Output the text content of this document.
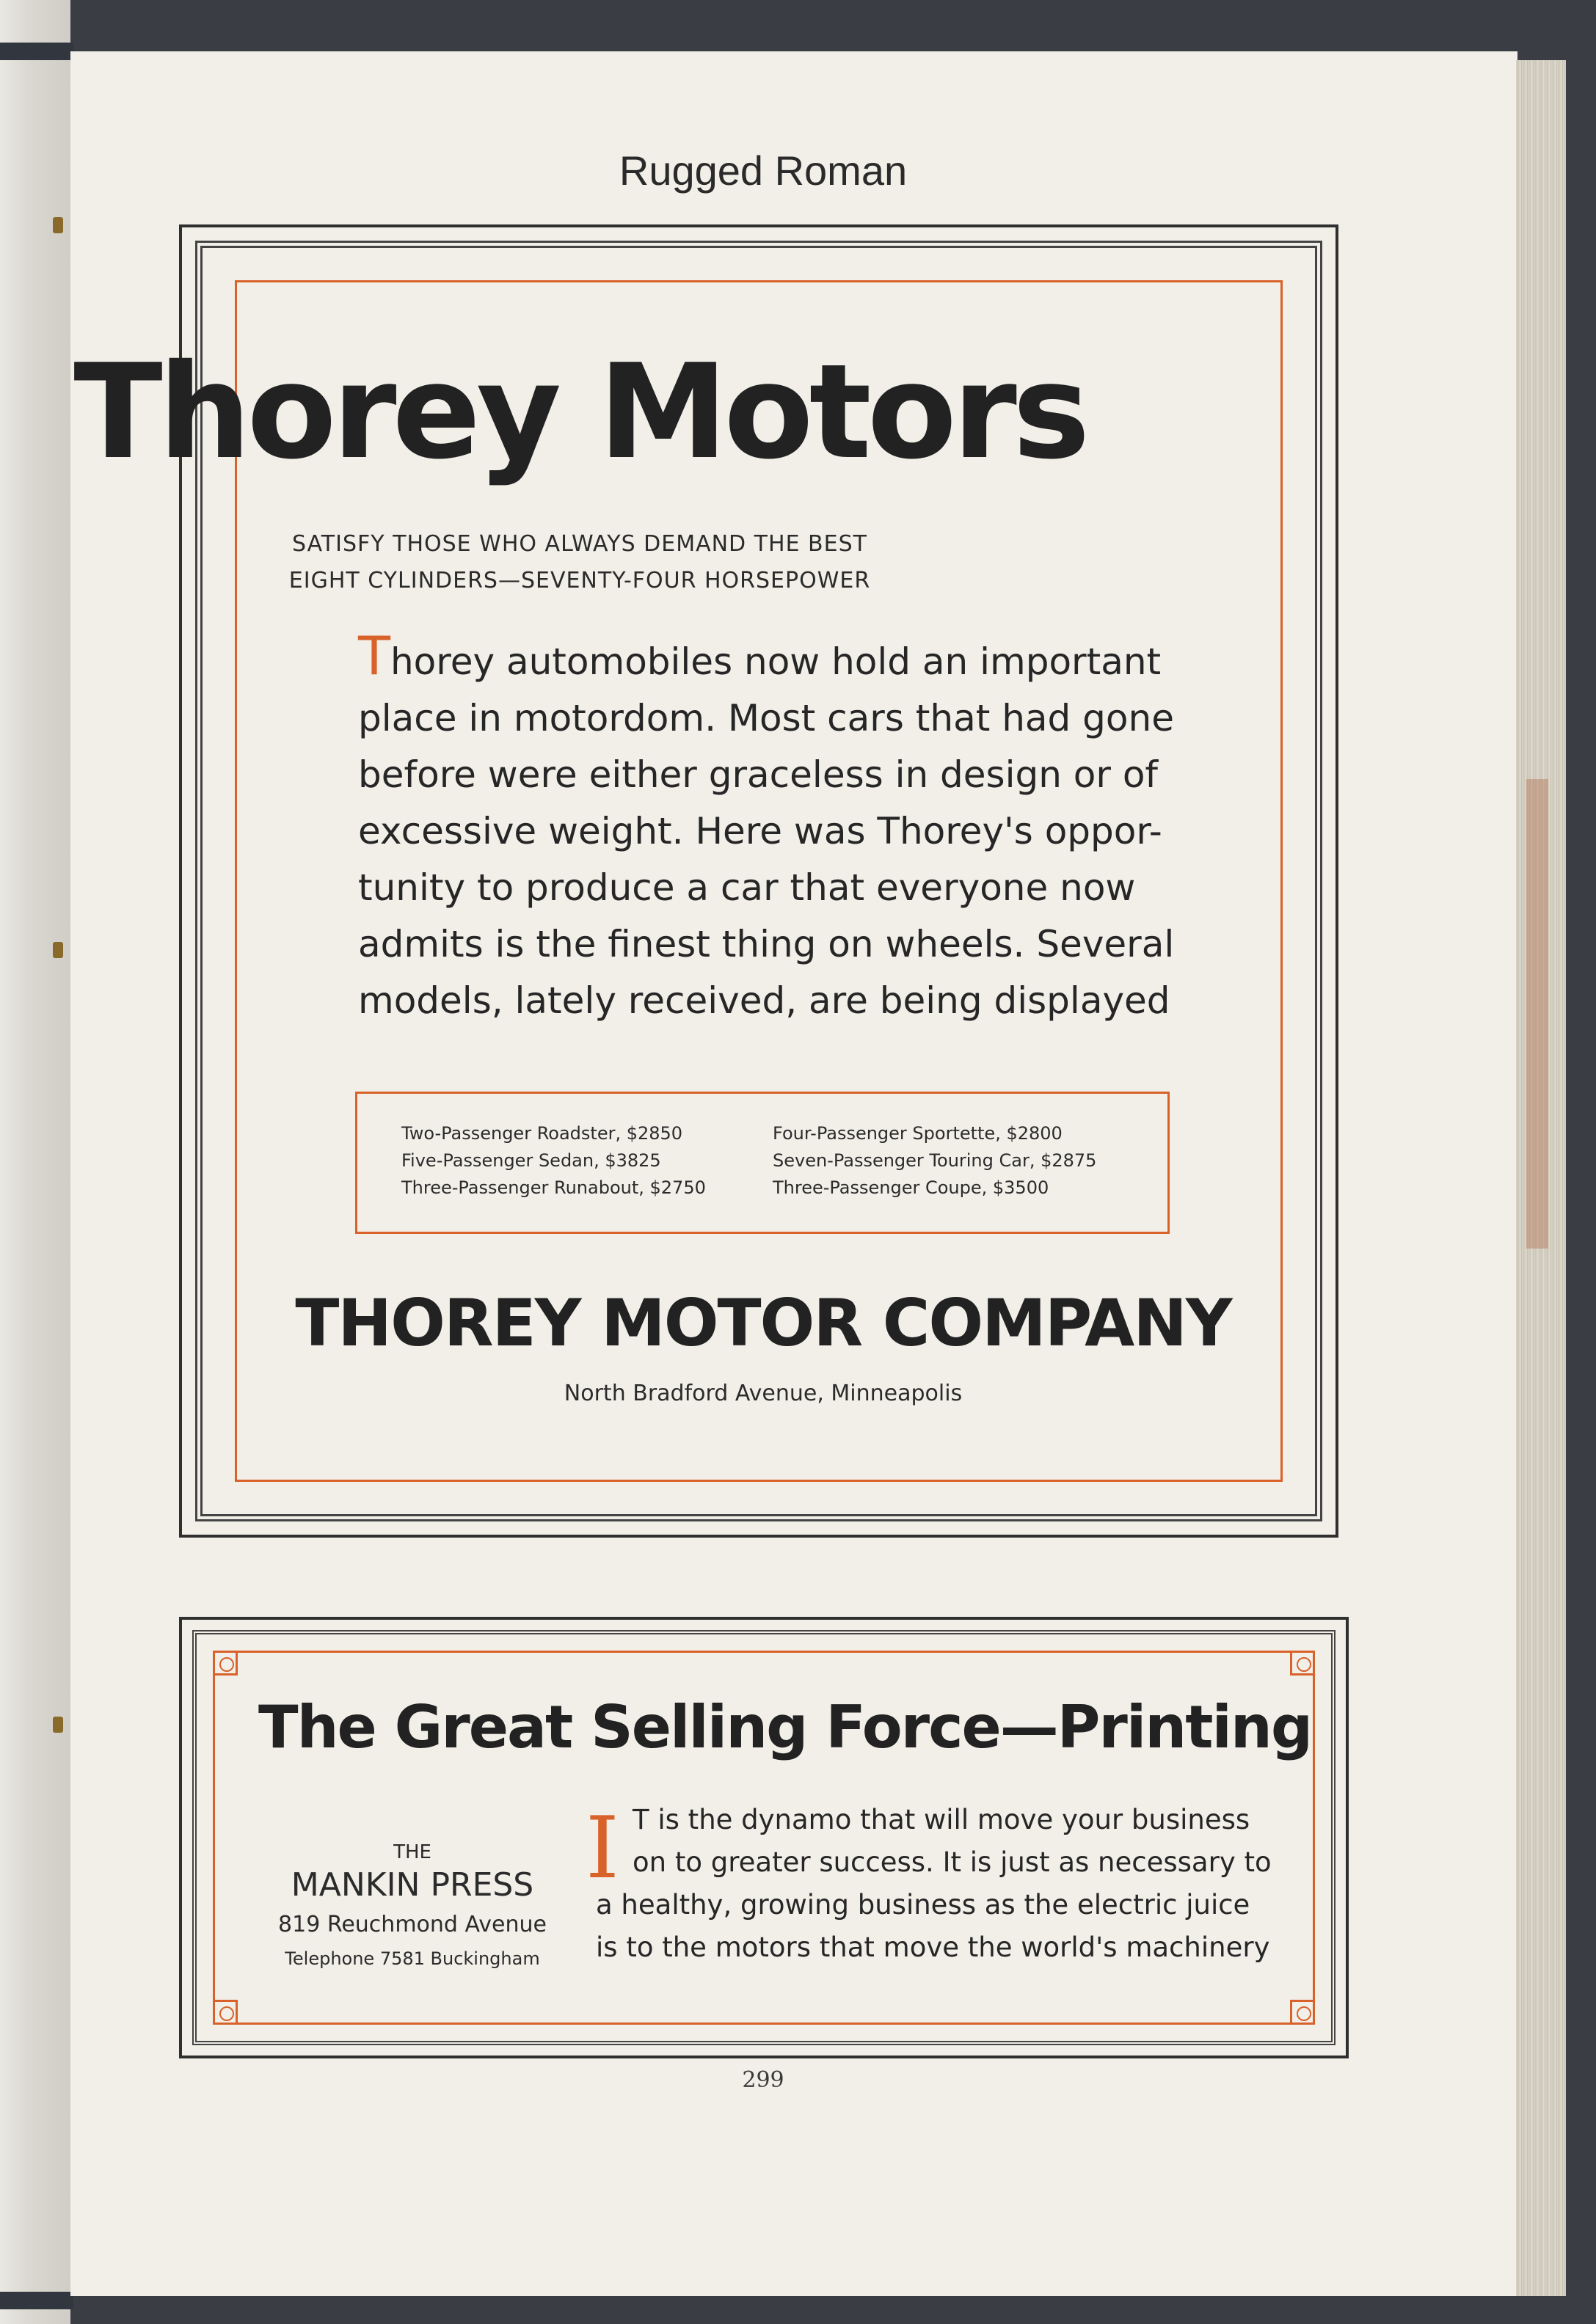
Rugged Roman
Thorey Motors
SATISFY THOSE WHO ALWAYS DEMAND THE BEST
EIGHT CYLINDERS—SEVENTY-FOUR HORSEPOWER
Thorey automobiles now hold an important
place in motordom. Most cars that had gone
before were either graceless in design or of
excessive weight. Here was Thorey's oppor-
tunity to produce a car that everyone now
admits is the finest thing on wheels. Several
models, lately received, are being displayed
Two-Passenger Roadster, $2850
Five-Passenger Sedan, $3825
Three-Passenger Runabout, $2750
Four-Passenger Sportette, $2800
Seven-Passenger Touring Car, $2875
Three-Passenger Coupe, $3500
THOREY MOTOR COMPANY
North Bradford Avenue, Minneapolis
The Great Selling Force—Printing
THE
MANKIN PRESS
819 Reuchmond Avenue
Telephone 7581 Buckingham
I T is the dynamo that will move your business
on to greater success. It is just as necessary to
a healthy, growing business as the electric juice
is to the motors that move the world's machinery
299
